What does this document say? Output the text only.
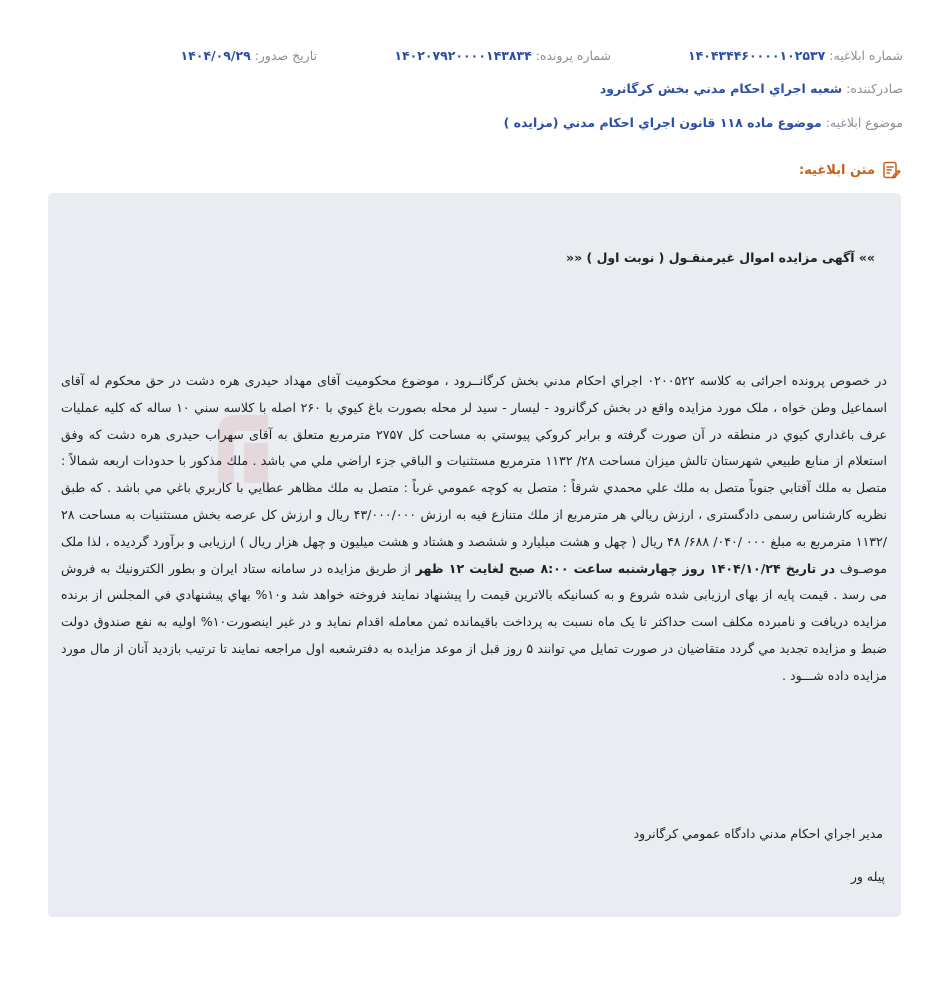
شماره ابلاغيه: ۱۴۰۴۳۴۴۶۰۰۰۰۱۰۲۵۳۷
شماره پرونده: ۱۴۰۲۰۷۹۲۰۰۰۰۱۴۳۸۳۴
تاریخ صدور: ۱۴۰۴/۰۹/۲۹
صادرکننده: شعبه اجراي احكام مدني بخش كرگانرود
موضوع ابلاغيه: موضوع ماده ۱۱۸ قانون اجراي احكام مدني (مزايده )
متن ابلاغيه:
»» آگهی مزايده اموال غيرمنقـول ( نوبت اول ) ««

در خصوص پرونده اجرائی به کلاسه ۰۲۰۰۵۲۲ اجراي احكام مدني بخش كرگانــرود ، موضوع محکومیت آقای مهداد حیدری هره دشت در حق محکوم له آقای اسماعیل وطن خواه ، ملک مورد مزایده واقع در بخش کرگانرود - لیسار - سید لر محله بصورت باغ کیوي با ۲۶۰ اصله با کلاسه سني ۱۰ ساله که كليه عمليات عرف باغداري كيوي در منطقه در آن صورت گرفته و برابر كروكي پيوستي به مساحت کل ۲۷۵۷ مترمربع متعلق به آقای سهراب حیدری هره دشت که وفق استعلام از منابع طبيعي شهرستان تالش ميزان مساحت ۲۸/ ۱۱۳۲ مترمربع مستثنيات و الباقي جزء اراضي ملي مي باشد . ملك مذكور با حدودات اربعه شمالاً : متصل به ملك آفتابي جنوباً متصل به ملك علي محمدي شرقاً : متصل به كوچه عمومي غرباً : متصل به ملك مظاهر عطايي با كاربري باغي مي باشد . که طبق نظریه کارشناس رسمی دادگستری ، ارزش ريالي هر مترمربع از ملك متنازع فيه به ارزش ۴۳/۰۰۰/۰۰۰ ريال و ارزش كل عرصه بخش مستثنيات به مساحت ۲۸ /۱۱۳۲ مترمربع به مبلغ ۰۰۰ /۰۴۰/ ۶۸۸/ ۴۸ ريال ( چهل و هشت ميليارد و ششصد و هشتاد و هشت ميليون و چهل هزار ريال ) ارزیابی و برآورد گرديده ، لذا ملک موصـوف در تاریخ ۱۴۰۴/۱۰/۲۴ روز چهارشنبه ساعت ۸:۰۰ صبح لغايت ۱۲ ظهر از طریق مزایده در سامانه ستاد ايران و بطور الكترونيك به فروش می رسد . قیمت پایه از بهای ارزیابی شده شروع و به کسانیکه بالاترین قیمت را پیشنهاد نمایند فروخته خواهد شد و۱۰% بهاي پيشنهادي في المجلس از برنده مزايده دريافت و نامبرده مكلف است حداكثر تا یک ماه نسبت به پرداخت باقیمانده ثمن معامله اقدام نمايد و در غير اينصورت۱۰% اوليه به نفع صندوق دولت ضبط و مزايده تجديد مي گردد متقاضيان در صورت تمايل مي توانند ۵ روز قبل از موعد مزايده به دفترشعبه اول مراجعه نمايند تا ترتیب بازدید آنان از مال مورد مزايده داده شـــود .

مدير اجراي احكام مدني دادگاه عمومي كرگانرود
پيله ور
